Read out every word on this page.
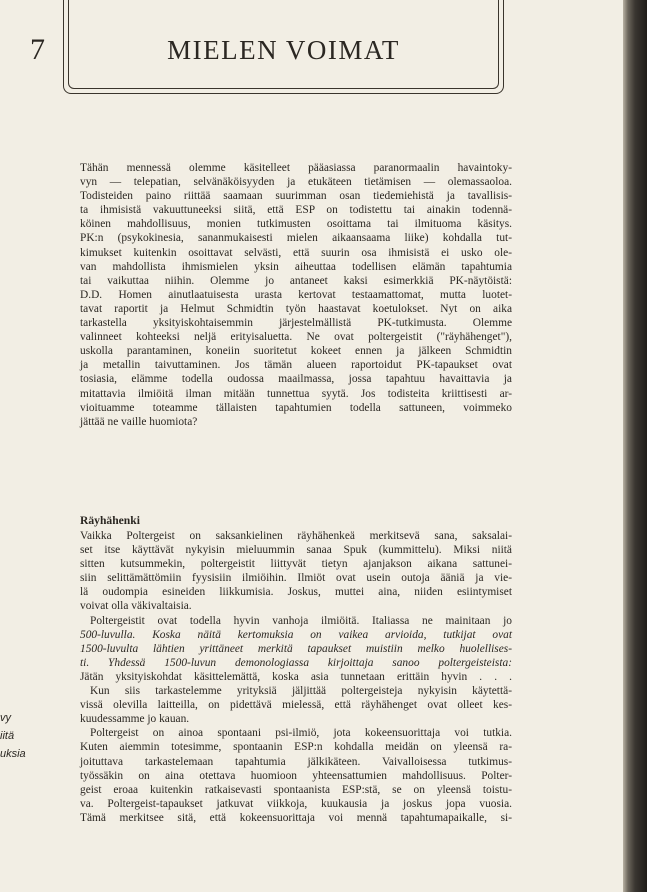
7	MIELEN VOIMAT
Tähän mennessä olemme käsitelleet pääasiassa paranormaalin havaintoky-
vyn — telepatian, selvänäköisyyden ja etukäteen tietämisen — olemassaoloa.
Todisteiden paino riittää saamaan suurimman osan tiedemiehistä ja tavallisis-
ta ihmisistä vakuuttuneeksi siitä, että ESP on todistettu tai ainakin todennä-
köinen mahdollisuus, monien tutkimusten osoittama tai ilmituoma käsitys.
PK:n (psykokinesia, sananmukaisesti mielen aikaansaama liike) kohdalla tut-
kimukset kuitenkin osoittavat selvästi, että suurin osa ihmisistä ei usko ole-
van mahdollista ihmismielen yksin aiheuttaa todellisen elämän tapahtumia
tai vaikuttaa niihin. Olemme jo antaneet kaksi esimerkkiä PK-näytöistä:
D.D. Homen ainutlaatuisesta urasta kertovat testaamattomat, mutta luotet-
tavat raportit ja Helmut Schmidtin työn haastavat koetulokset. Nyt on aika
tarkastella yksityiskohtaisemmin järjestelmällistä PK-tutkimusta. Olemme
valinneet kohteeksi neljä erityisaluetta. Ne ovat poltergeistit ("räyhähenget"),
uskolla parantaminen, koneiin suoritetut kokeet ennen ja jälkeen Schmidtin
ja metallin taivuttaminen. Jos tämän alueen raportoidut PK-tapaukset ovat
tosiasia, elämme todella oudossa maailmassa, jossa tapahtuu havaittavia ja
mitattavia ilmiöitä ilman mitään tunnettua syytä. Jos todisteita kriittisesti ar-
vioituamme toteamme tällaisten tapahtumien todella sattuneen, voimmeko
jättää ne vaille huomiota?
Räyhähenki
Vaikka Poltergeist on saksankielinen räyhähenkeä merkitsevä sana, saksalai-
set itse käyttävät nykyisin mieluummin sanaa Spuk (kummittelu). Miksi niitä
sitten kutsummekin, poltergeistit liittyvät tietyn ajanjakson aikana sattunei-
siin selittämättömiin fyysisiin ilmiöihin. Ilmiöt ovat usein outoja ääniä ja vie-
lä oudompia esineiden liikkumisia. Joskus, muttei aina, niiden esiintymiset
voivat olla väkivaltaisia.
Poltergeistit ovat todella hyvin vanhoja ilmiöitä. Italiassa ne mainitaan jo
500-luvulla. Koska näitä kertomuksia on vaikea arvioida, tutkijat ovat
1500-luvulta lähtien yrittäneet merkitä tapaukset muistiin melko huolellises-
ti. Yhdessä 1500-luvun demonologiassa kirjoittaja sanoo poltergeisteista:
Jätän yksityiskohdat käsittelemättä, koska asia tunnetaan erittäin hyvin . . .
Kun siis tarkastelemme yrityksiä jäljittää poltergeisteja nykyisin käytettä-
vissä olevilla laitteilla, on pidettävä mielessä, että räyhähenget ovat olleet kes-
kuudessamme jo kauan.
Poltergeist on ainoa spontaani psi-ilmiö, jota kokeensuorittaja voi tutkia.
Kuten aiemmin totesimme, spontaanin ESP:n kohdalla meidän on yleensä ra-
joituttava tarkastelemaan tapahtumia jälkikäteen. Vaivalloisessa tutkimus-
työssäkin on aina otettava huomioon yhteensattumien mahdollisuus. Polter-
geist eroaa kuitenkin ratkaisevasti spontaanista ESP:stä, se on yleensä toistu-
va. Poltergeist-tapaukset jatkuvat viikkoja, kuukausia ja joskus jopa vuosia.
Tämä merkitsee sitä, että kokeensuorittaja voi mennä tapahtumapaikalle, si-
vy
iitä
uksia
